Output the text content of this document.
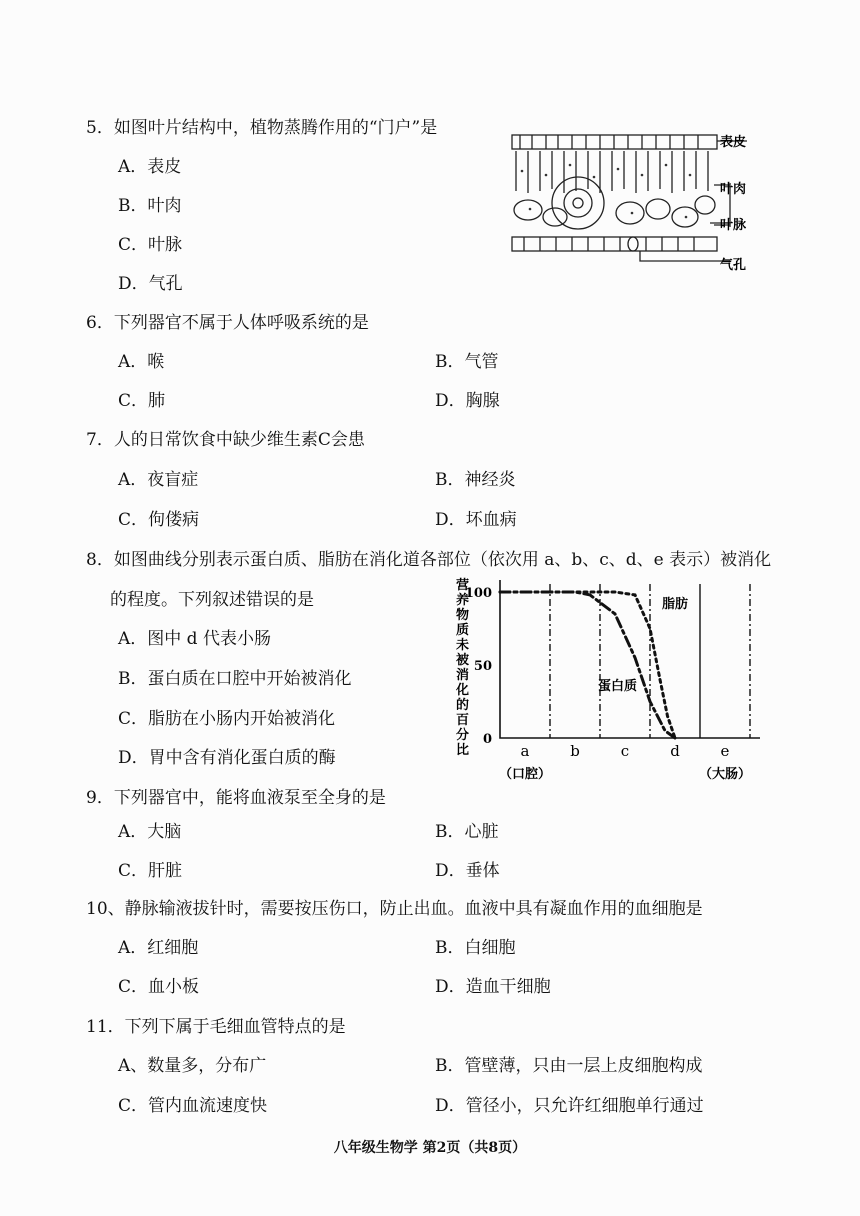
5．如图叶片结构中，植物蒸腾作用的“门户”是
A．表皮
B．叶肉
C．叶脉
D．气孔
表皮
叶肉
叶脉
气孔
6．下列器官不属于人体呼吸系统的是
A．喉	B．气管
C．肺	D．胸腺
7．人的日常饮食中缺少维生素C会患
A．夜盲症	B．神经炎
C．佝偻病	D．坏血病
8．如图曲线分别表示蛋白质、脂肪在消化道各部位（依次用 a、b、c、d、e 表示）被消化
的程度。下列叙述错误的是
A．图中 d 代表小肠
B．蛋白质在口腔中开始被消化
C．脂肪在小肠内开始被消化
D．胃中含有消化蛋白质的酶
营养物质未被消化的百分比
100
50
0
a
（口腔）
b	c	d	e
（大肠）
蛋白质
脂肪
八年级生物学 第2页（共8页）
9．下列器官中，能将血液泵至全身的是
A．大脑	B．心脏
C．肝脏	D．垂体
10、静脉输液拔针时，需要按压伤口，防止出血。血液中具有凝血作用的血细胞是
A．红细胞	B．白细胞
C．血小板	D．造血干细胞
11．下列下属于毛细血管特点的是
A、数量多，分布广	B．管壁薄，只由一层上皮细胞构成
C．管内血流速度快	D．管径小，只允许红细胞单行通过
